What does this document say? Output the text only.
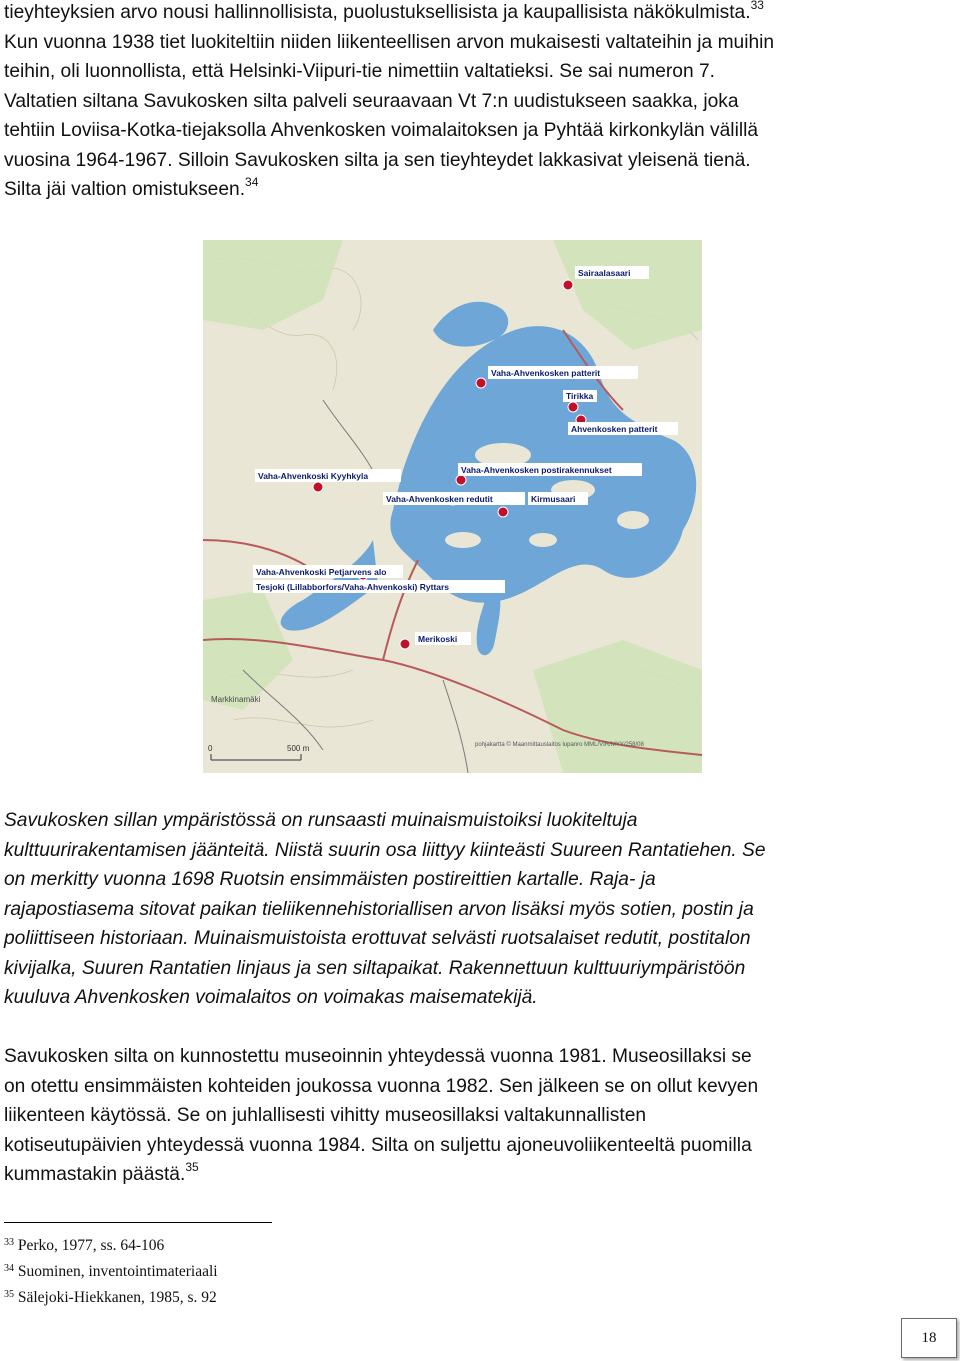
tieyhteyksien arvo nousi hallinnollisista, puolustuksellisista ja kaupallisista näkökulmista.$^{33}$
Kun vuonna 1938 tiet luokiteltiin niiden liikenteellisen arvon mukaisesti valtateihin ja muihin
teihin, oli luonnollista, että Helsinki-Viipuri-tie nimettiin valtatieksi. Se sai numeron 7.
Valtatien siltana Savukosken silta palveli seuraavaan Vt 7:n uudistukseen saakka, joka
tehtiin Loviisa-Kotka-tiejaksolla Ahvenkosken voimalaitoksen ja Pyhtää kirkonkylän välillä
vuosina 1964-1967. Silloin Savukosken silta ja sen tieyhteydet lakkasivat yleisenä tienä.
Silta jäi valtion omistukseen.$^{34}$
Sairaalasaari
Vaha-Ahvenkosken patterit
Tirikka
Ahvenkosken patterit
Vaha-Ahvenkoski Kyyhkyla
Vaha-Ahvenkosken postirakennukset
Vaha-Ahvenkosken redutit	Kirmusaari
Vaha-Ahvenkoski Petjarvens alo
Tesjoki (Lillabborfors/Vaha-Ahvenkoski) Ryttars
Merikoski
Markkinamäki
0	500 m	pohjakartta © Maanmittauslaitos lupanro MML/VIR/MYY/258/08
Savukosken sillan ympäristössä on runsaasti muinaismuistoiksi luokiteltuja
kulttuurirakentamisen jäänteitä. Niistä suurin osa liittyy kiinteästi Suureen Rantatiehen. Se
on merkitty vuonna 1698 Ruotsin ensimmäisten postireittien kartalle. Raja- ja
rajapostiasema sitovat paikan tieliikennehistoriallisen arvon lisäksi myös sotien, postin ja
poliittiseen historiaan. Muinaismuistoista erottuvat selvästi ruotsalaiset redutit, postitalon
kivijalka, Suuren Rantatien linjaus ja sen siltapaikat. Rakennettuun kulttuuriympäristöön
kuuluva Ahvenkosken voimalaitos on voimakas maisematekijä.
Savukosken silta on kunnostettu museoinnin yhteydessä vuonna 1981. Museosillaksi se
on otettu ensimmäisten kohteiden joukossa vuonna 1982. Sen jälkeen se on ollut kevyen
liikenteen käytössä. Se on juhlallisesti vihitty museosillaksi valtakunnallisten
kotiseutupäivien yhteydessä vuonna 1984. Silta on suljettu ajoneuvoliikenteeltä puomilla
kummastakin päästä.$^{35}$
$^{33}$ Perko, 1977, ss. 64-106
$^{34}$ Suominen, inventointimateriaali
$^{35}$ Sälejoki-Hiekkanen, 1985, s. 92
18
